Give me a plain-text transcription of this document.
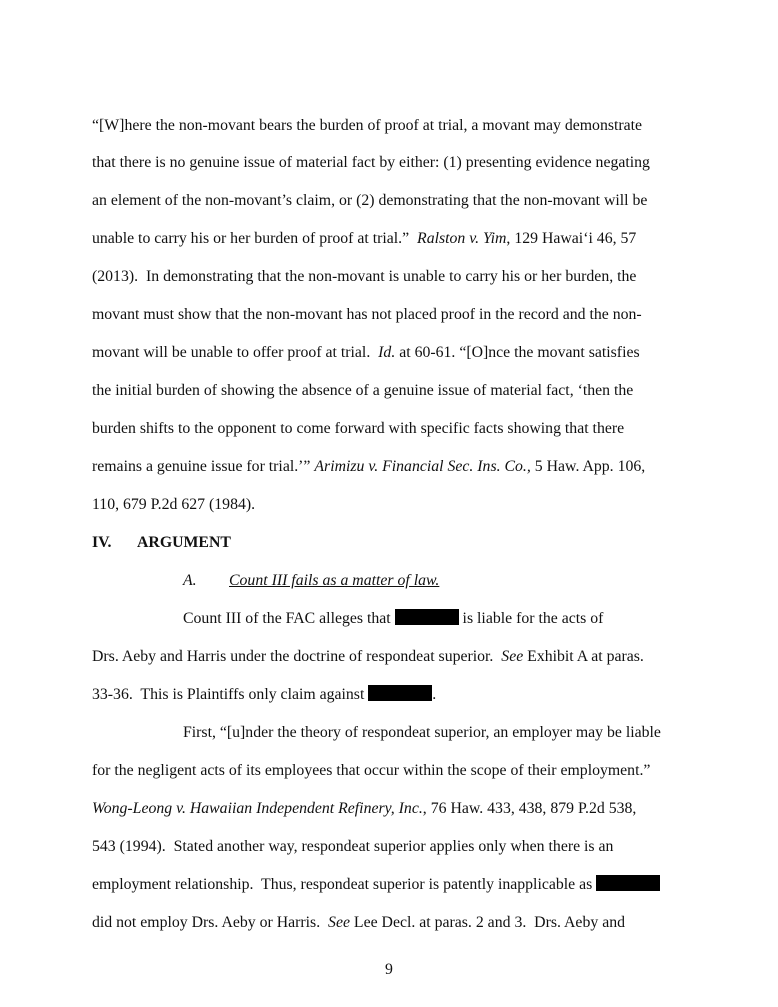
“[W]here the non-movant bears the burden of proof at trial, a movant may demonstrate
that there is no genuine issue of material fact by either: (1) presenting evidence negating
an element of the non-movant’s claim, or (2) demonstrating that the non-movant will be
unable to carry his or her burden of proof at trial.”  Ralston v. Yim, 129 Hawai‘i 46, 57
(2013).  In demonstrating that the non-movant is unable to carry his or her burden, the
movant must show that the non-movant has not placed proof in the record and the non-
movant will be unable to offer proof at trial.  Id. at 60-61. “[O]nce the movant satisfies
the initial burden of showing the absence of a genuine issue of material fact, ‘then the
burden shifts to the opponent to come forward with specific facts showing that there
remains a genuine issue for trial.’” Arimizu v. Financial Sec. Ins. Co., 5 Haw. App. 106,
110, 679 P.2d 627 (1984).
IV. ARGUMENT
A. Count III fails as a matter of law.
Count III of the FAC alleges that	is liable for the acts of
Drs. Aeby and Harris under the doctrine of respondeat superior.  See Exhibit A at paras.
33-36.  This is Plaintiffs only claim against	.
First, “[u]nder the theory of respondeat superior, an employer may be liable
for the negligent acts of its employees that occur within the scope of their employment.”
Wong-Leong v. Hawaiian Independent Refinery, Inc., 76 Haw. 433, 438, 879 P.2d 538,
543 (1994).  Stated another way, respondeat superior applies only when there is an
employment relationship.  Thus, respondeat superior is patently inapplicable as
did not employ Drs. Aeby or Harris.  See Lee Decl. at paras. 2 and 3.  Drs. Aeby and
9
